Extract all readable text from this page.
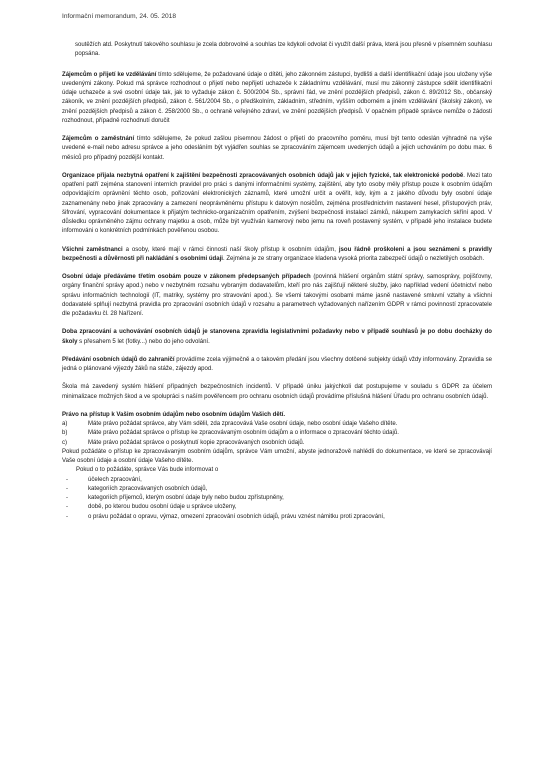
Informační memorandum, 24. 05. 2018

soutěžích atd. Poskytnutí takového souhlasu je zcela dobrovolné a souhlas lze kdykoli odvolat či využít další práva, která jsou přesně v písemném souhlasu popsána.

Zájemcům o přijetí ke vzdělávání tímto sdělujeme, že požadované údaje o dítěti, jeho zákonném zástupci, bydlišti a další identifikační údaje jsou uloženy výše uvedenými zákony. Pokud má správce rozhodnout o přijetí nebo nepřijetí uchazeče k základnímu vzdělávání, musí mu zákonný zástupce sdělit identifikační údaje uchazeče a své osobní údaje tak, jak to vyžaduje zákon č. 500/2004 Sb., správní řád, ve znění pozdějších předpisů, zákon č. 89/2012 Sb., občanský zákoník, ve znění pozdějších předpisů, zákon č. 561/2004 Sb., o předškolním, základním, středním, vyšším odborném a jiném vzdělávání (školský zákon), ve znění pozdějších předpisů a zákon č. 258/2000 Sb., o ochraně veřejného zdraví, ve znění pozdějších předpisů. V opačném případě správce nemůže o žádosti rozhodnout, případně rozhodnutí doručit

Zájemcům o zaměstnání tímto sdělujeme, že pokud zašlou písemnou žádost o přijetí do pracovního poměru, musí být tento odeslán výhradně na výše uvedené e-mail nebo adresu správce a jeho odesláním být vyjádřen souhlas se zpracováním zájemcem uvedených údajů a jejich uchováním po dobu max. 6 měsíců pro případný pozdější kontakt.

Organizace přijala nezbytná opatření k zajištění bezpečnosti zpracovávaných osobních údajů jak v jejich fyzické, tak elektronické podobě. Mezi tato opatření patří zejména stanovení interních pravidel pro práci s danými informačními systémy, zajištění, aby tyto osoby měly přístup pouze k osobním údajům odpovídajícím oprávnění těchto osob, pořizování elektronických záznamů, které umožní určit a ověřit, kdy, kým a z jakého důvodu byly osobní údaje zaznamenány nebo jinak zpracovány a zamezení neoprávněnému přístupu k datovým nosičům, zejména prostřednictvím nastavení hesel, přístupových práv, šifrování, vypracování dokumentace k přijatým technicko-organizačním opatřením, zvýšení bezpečnosti instalací zámků, nákupem zamykacích skříní apod. V důsledku oprávněného zájmu ochrany majetku a osob, může být využíván kamerový nebo jemu na roveň postavený systém, v případě jeho instalace budete informováni o konkrétních podmínkách pověřenou osobou.

Všichni zaměstnanci a osoby, které mají v rámci činnosti naší školy přístup k osobním údajům, jsou řádně proškoleni a jsou seznámeni s pravidly bezpečnosti a důvěrnosti při nakládání s osobními údaji. Zejména je ze strany organizace kladena vysoká priorita zabezpečí údajů o nezletilých osobách.

Osobní údaje předáváme třetím osobám pouze v zákonem předepsaných případech (povinná hlášení orgánům státní správy, samosprávy, pojišťovny, orgány finanční správy apod.) nebo v nezbytném rozsahu vybraným dodavatelům, kteří pro nás zajišťují některé služby, jako například vedení účetnictví nebo správu informačních technologií (IT, matriky, systémy pro stravování apod.). Se všemi takovými osobami máme jasně nastavené smluvní vztahy a všichni dodavatelé splňují nezbytná pravidla pro zpracování osobních údajů v rozsahu a parametrech vyžadovaných nařízením GDPR v rámci povinností zpracovatele dle požadavku čl. 28 Nařízení.

Doba zpracování a uchovávání osobních údajů je stanovena zpravidla legislativními požadavky nebo v případě souhlasů je po dobu docházky do školy s přesahem 5 let (fotky...) nebo do jeho odvolání.

Předávání osobních údajů do zahraničí provádíme zcela výjimečně a o takovém předání jsou všechny dotčené subjekty údajů vždy informovány. Zpravidla se jedná o plánované výjezdy žáků na stáže, zájezdy apod.

Škola má zavedený systém hlášení případných bezpečnostních incidentů. V případě úniku jakýchkoli dat postupujeme v souladu s GDPR za účelem minimalizace možných škod a ve spolupráci s naším pověřencem pro ochranu osobních údajů provádíme příslušná hlášení Úřadu pro ochranu osobních údajů.

Právo na přístup k Vašim osobním údajům nebo osobním údajům Vašich dětí.

a)	Máte právo požádat správce, aby Vám sdělil, zda zpracovává Vaše osobní údaje, nebo osobní údaje Vašeho dítěte.
b)	Máte právo požádat správce o přístup ke zpracovávaným osobním údajům a o informace o zpracování těchto údajů.
c)	Máte právo požádat správce o poskytnutí kopie zpracovávaných osobních údajů.

Pokud požádáte o přístup ke zpracovávaným osobním údajům, správce Vám umožní, abyste jednoražově nahlédli do dokumentace, ve které se zpracovávají Vaše osobní údaje a osobní údaje Vašeho dítěte.

Pokud o to požádáte, správce Vás bude informovat o

-	účelech zpracování,
-	kategoriích zpracovávaných osobních údajů,
-	kategoriích příjemců, kterým osobní údaje byly nebo budou zpřístupněny,
-	době, po kterou budou osobní údaje u správce uloženy,
-	o právu požádat o opravu, výmaz, omezení zpracování osobních údajů, právu vznést námitku proti zpracování,
